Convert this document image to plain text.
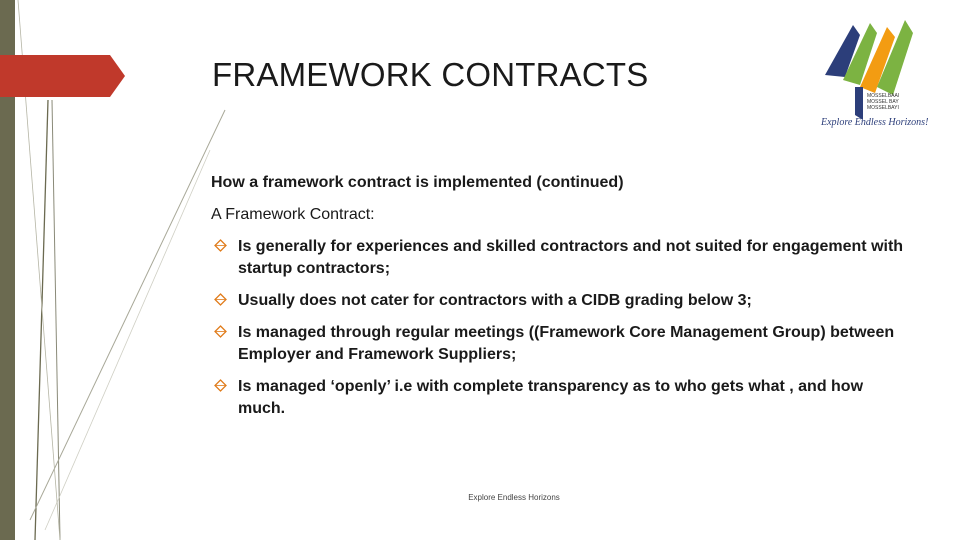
FRAMEWORK CONTRACTS
MOSSELBAAI
MOSSEL BAY
MOSSELBAYI
Explore Endless Horizons!
How a framework contract is implemented (continued)
A Framework Contract:
Is generally for experiences and skilled contractors and not suited for engagement with startup contractors;
Usually does not cater for contractors with a CIDB grading below 3;
Is managed through regular meetings ((Framework Core Management Group) between Employer and Framework Suppliers;
Is managed ‘openly’ i.e with complete transparency as to who gets what , and how much.
Explore Endless Horizons
